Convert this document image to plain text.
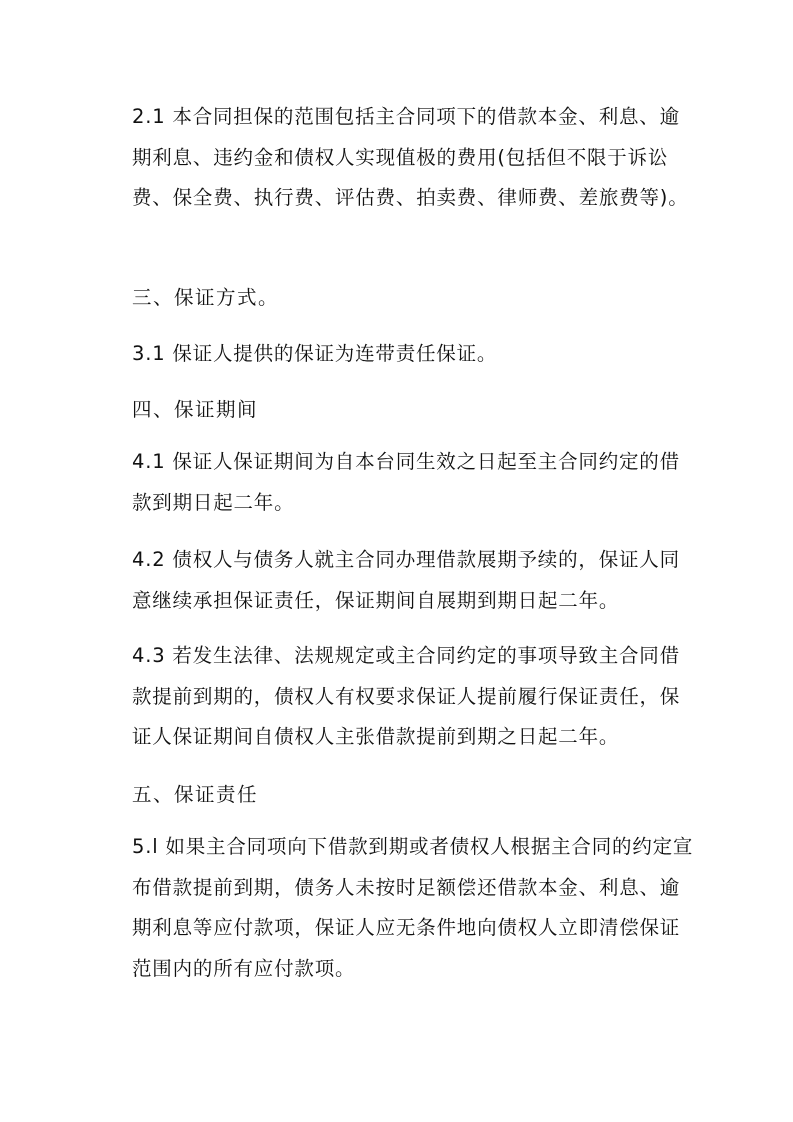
2.1 本合同担保的范围包括主合同项下的借款本金、利息、逾期利息、违约金和债权人实现值极的费用(包括但不限于诉讼费、保全费、执行费、评估费、拍卖费、律师费、差旅费等)。

三、保证方式。

3.1 保证人提供的保证为连带责任保证。

四、保证期间

4.1 保证人保证期间为自本台同生效之日起至主合同约定的借款到期日起二年。

4.2 债权人与债务人就主合同办理借款展期予续的，保证人同意继续承担保证责任，保证期间自展期到期日起二年。

4.3 若发生法律、法规规定或主合同约定的事项导致主合同借款提前到期的，债权人有权要求保证人提前履行保证责任，保证人保证期间自债权人主张借款提前到期之日起二年。

五、保证责任

5.l 如果主合同项向下借款到期或者债权人根据主合同的约定宣布借款提前到期，债务人未按时足额偿还借款本金、利息、逾期利息等应付款项，保证人应无条件地向债权人立即清偿保证范围内的所有应付款项。
